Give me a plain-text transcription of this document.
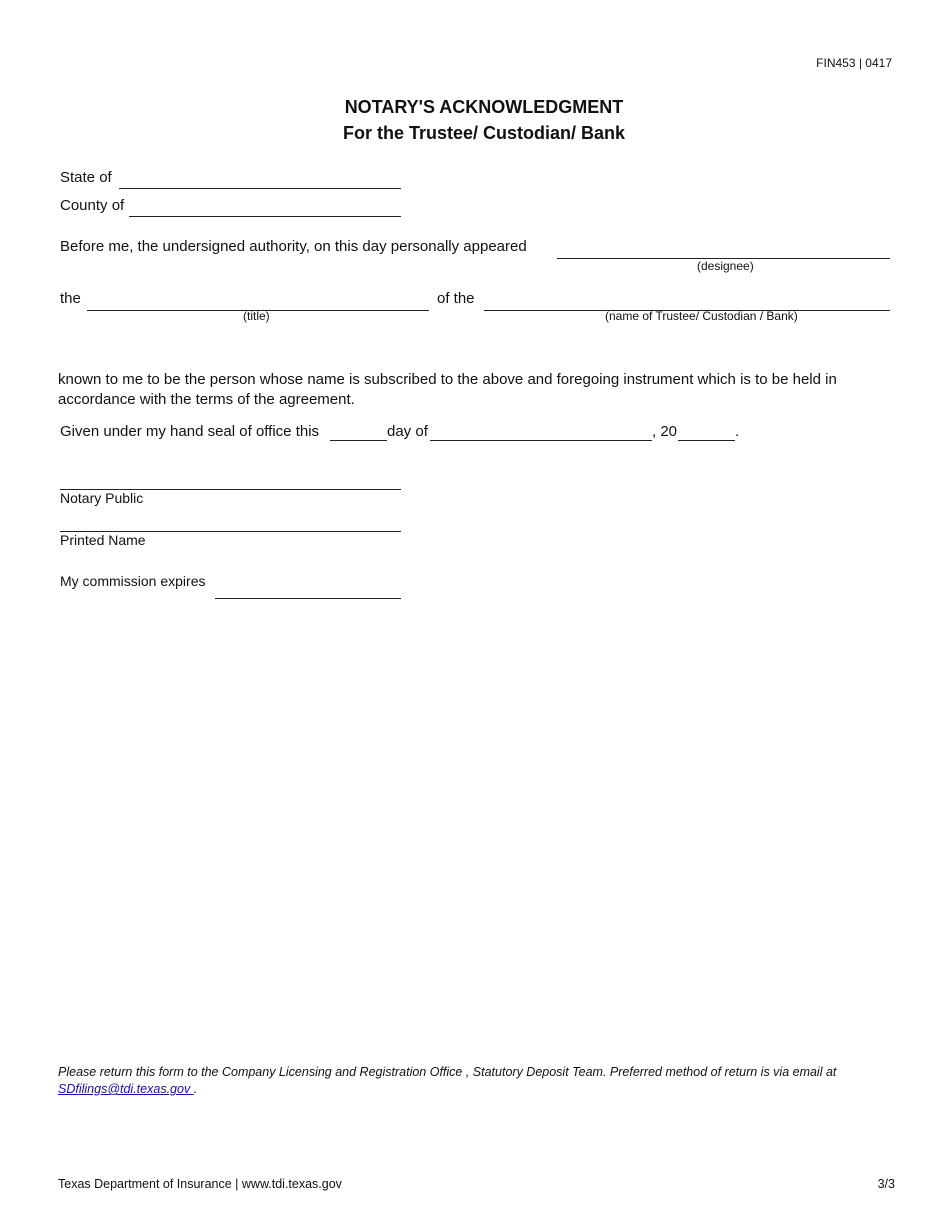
FIN453 | 0417
NOTARY'S ACKNOWLEDGMENT
For the Trustee/ Custodian/ Bank
State of
County of
Before me, the undersigned authority, on this day personally appeared
(designee)
the
(title)
of the
(name of Trustee/ Custodian / Bank)
known to me to be the person whose name is subscribed to the above and foregoing instrument which is to be held in accordance with the terms of the agreement.
Given under my hand seal of office this	day of	, 20	.
Notary Public
Printed Name
My commission expires
Please return this form to the Company Licensing and Registration Office , Statutory Deposit Team. Preferred method of return is via email at SDfilings@tdi.texas.gov .
Texas Department of Insurance | www.tdi.texas.gov	3/3
